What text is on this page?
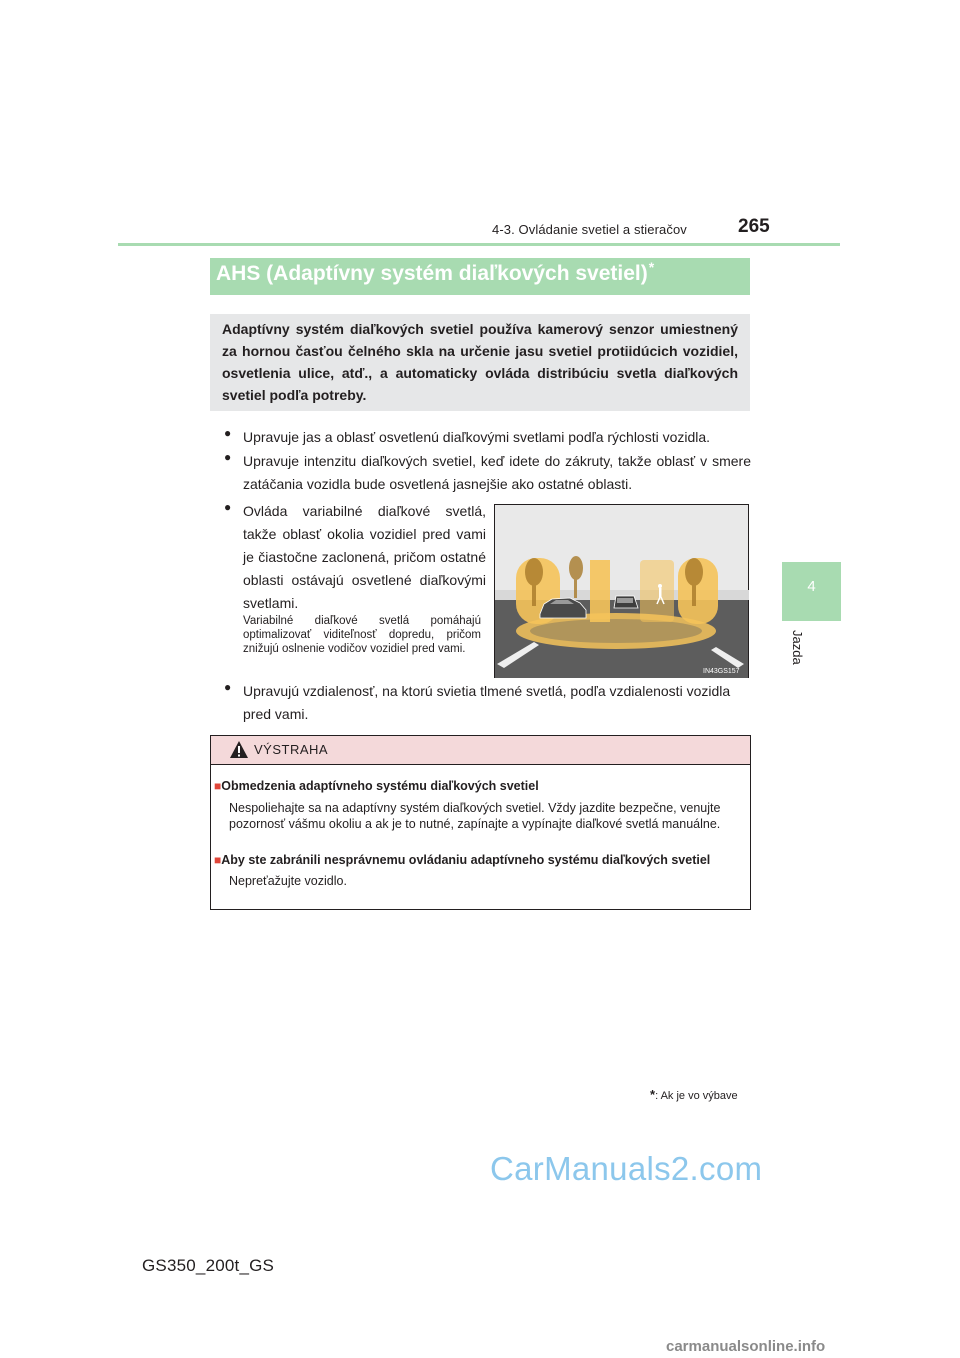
4-3. Ovládanie svetiel a stieračov	265
4
Jazda
AHS (Adaptívny systém diaľkových svetiel)*
Adaptívny systém diaľkových svetiel používa kamerový senzor umiestnený za hornou časťou čelného skla na určenie jasu svetiel protiidúcich vozidiel, osvetlenia ulice, atď., a automaticky ovláda distribúciu svetla diaľkových svetiel podľa potreby.
● Upravuje jas a oblasť osvetlenú diaľkovými svetlami podľa rýchlosti vozidla.
● Upravuje intenzitu diaľkových svetiel, keď idete do zákruty, takže oblasť v smere zatáčania vozidla bude osvetlená jasnejšie ako ostatné oblasti.
● Ovláda variabilné diaľkové svetlá, takže oblasť okolia vozidiel pred vami je čiastočne zaclonená, pričom ostatné oblasti ostávajú osvetlené diaľkovými svetlami.
Variabilné diaľkové svetlá pomáhajú optimalizovať viditeľnosť dopredu, pričom znižujú oslnenie vodičov vozidiel pred vami.
● Upravujú vzdialenosť, na ktorú svietia tlmené svetlá, podľa vzdialenosti vozidla pred vami.
IN43GS157
VÝSTRAHA
■Obmedzenia adaptívneho systému diaľkových svetiel
Nespoliehajte sa na adaptívny systém diaľkových svetiel. Vždy jazdite bezpečne, venujte pozornosť vášmu okoliu a ak je to nutné, zapínajte a vypínajte diaľkové svetlá manuálne.
■Aby ste zabránili nesprávnemu ovládaniu adaptívneho systému diaľkových svetiel
Nepreťažujte vozidlo.
*: Ak je vo výbave
CarManuals2.com
GS350_200t_GS
carmanualsonline.info
